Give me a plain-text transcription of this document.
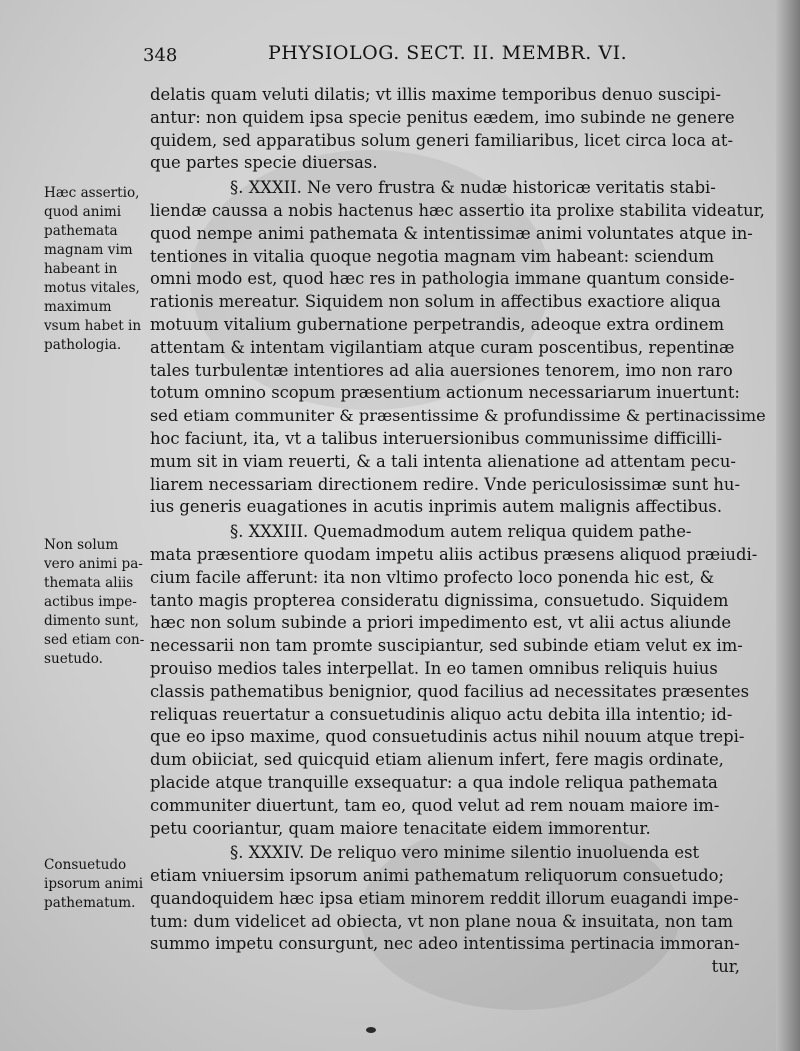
348	PHYSIOLOG. SECT. II. MEMBR. VI.
delatis quam veluti dilatis; vt illis maxime temporibus denuo suscipi-
antur: non quidem ipsa specie penitus eædem, imo subinde ne genere
quidem, sed apparatibus solum generi familiaribus, licet circa loca at-
que partes specie diuersas.
§. XXXII. Ne vero frustra & nudæ historicæ veritatis stabi-
liendæ caussa a nobis hactenus hæc assertio ita prolixe stabilita videatur,
quod nempe animi pathemata & intentissimæ animi voluntates atque in-
tentiones in vitalia quoque negotia magnam vim habeant: sciendum
omni modo est, quod hæc res in pathologia immane quantum conside-
rationis mereatur. Siquidem non solum in affectibus exactiore aliqua
motuum vitalium gubernatione perpetrandis, adeoque extra ordinem
attentam & intentam vigilantiam atque curam poscentibus, repentinæ
tales turbulentæ intentiores ad alia auersiones tenorem, imo non raro
totum omnino scopum præsentium actionum necessariarum inuertunt:
sed etiam communiter & præsentissime & profundissime & pertinacissime
hoc faciunt, ita, vt a talibus interuersionibus communissime difficilli-
mum sit in viam reuerti, & a tali intenta alienatione ad attentam pecu-
liarem necessariam directionem redire. Vnde periculosissimæ sunt hu-
ius generis euagationes in acutis inprimis autem malignis affectibus.
§. XXXIII. Quemadmodum autem reliqua quidem pathe-
mata præsentiore quodam impetu aliis actibus præsens aliquod præiudi-
cium facile afferunt: ita non vltimo profecto loco ponenda hic est, &
tanto magis propterea consideratu dignissima, consuetudo. Siquidem
hæc non solum subinde a priori impedimento est, vt alii actus aliunde
necessarii non tam promte suscipiantur, sed subinde etiam velut ex im-
prouiso medios tales interpellat. In eo tamen omnibus reliquis huius
classis pathematibus benignior, quod facilius ad necessitates præsentes
reliquas reuertatur a consuetudinis aliquo actu debita illa intentio; id-
que eo ipso maxime, quod consuetudinis actus nihil nouum atque trepi-
dum obiiciat, sed quicquid etiam alienum infert, fere magis ordinate,
placide atque tranquille exsequatur: a qua indole reliqua pathemata
communiter diuertunt, tam eo, quod velut ad rem nouam maiore im-
petu cooriantur, quam maiore tenacitate eidem immorentur.
§. XXXIV. De reliquo vero minime silentio inuoluenda est
etiam vniuersim ipsorum animi pathematum reliquorum consuetudo;
quandoquidem hæc ipsa etiam minorem reddit illorum euagandi impe-
tum: dum videlicet ad obiecta, vt non plane noua & insuitata, non tam
summo impetu consurgunt, nec adeo intentissima pertinacia immoran-
tur,
Hæc assertio,
quod animi
pathemata
magnam vim
habeant in
motus vitales,
maximum
vsum habet in
pathologia.
Non solum
vero animi pa-
themata aliis
actibus impe-
dimento sunt,
sed etiam con-
suetudo.
Consuetudo
ipsorum animi
pathematum.
